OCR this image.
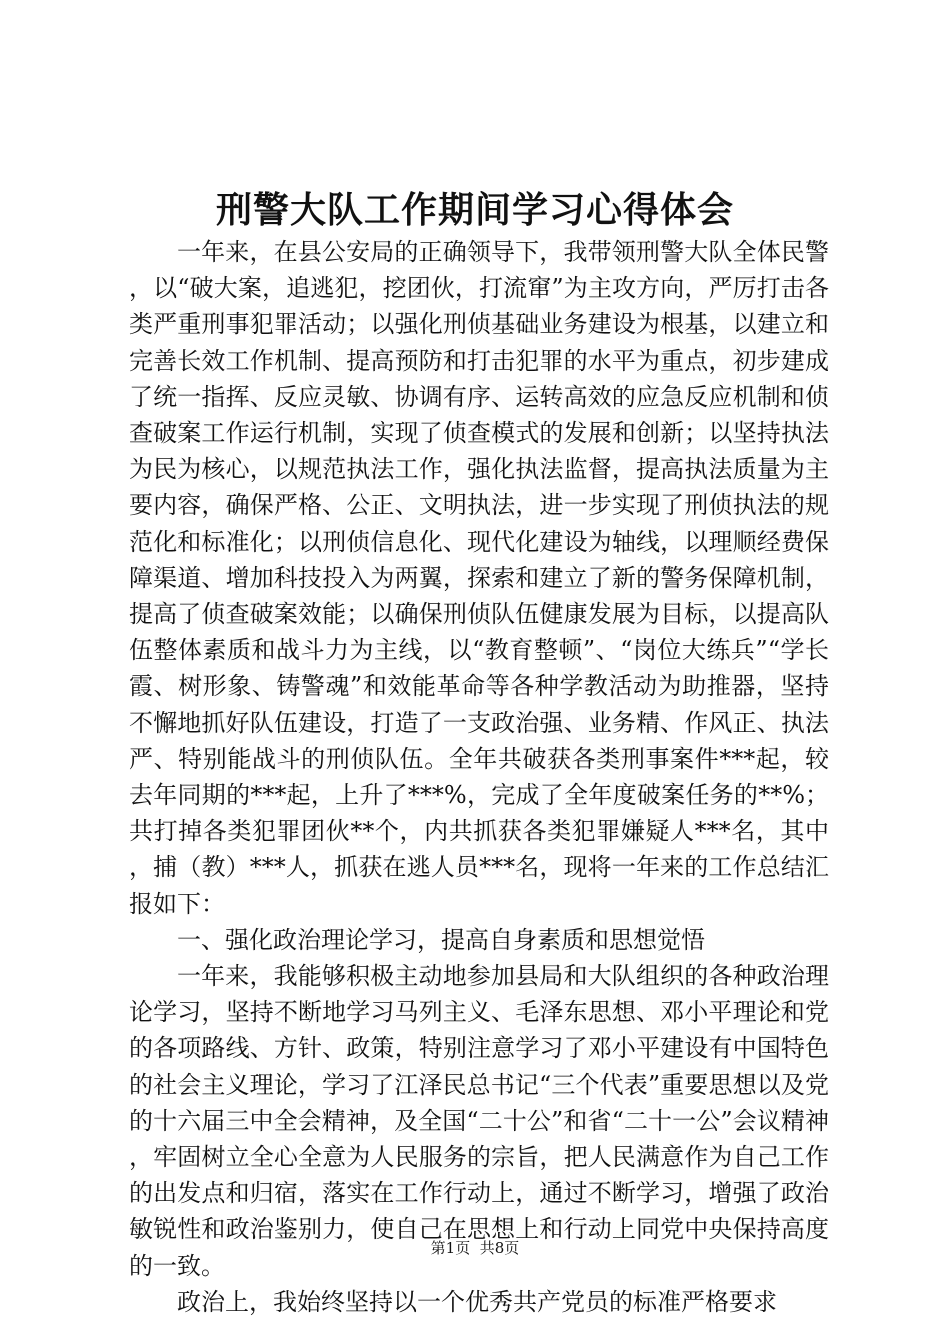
刑警大队工作期间学习心得体会

一年来，在县公安局的正确领导下，我带领刑警大队全体民警，以“破大案，追逃犯，挖团伙，打流窜”为主攻方向，严厉打击各类严重刑事犯罪活动；以强化刑侦基础业务建设为根基，以建立和完善长效工作机制、提高预防和打击犯罪的水平为重点，初步建成了统一指挥、反应灵敏、协调有序、运转高效的应急反应机制和侦查破案工作运行机制，实现了侦查模式的发展和创新；以坚持执法为民为核心，以规范执法工作，强化执法监督，提高执法质量为主要内容，确保严格、公正、文明执法，进一步实现了刑侦执法的规范化和标准化；以刑侦信息化、现代化建设为轴线，以理顺经费保障渠道、增加科技投入为两翼，探索和建立了新的警务保障机制，提高了侦查破案效能；以确保刑侦队伍健康发展为目标，以提高队伍整体素质和战斗力为主线，以“教育整顿”、“岗位大练兵”“学长霞、树形象、铸警魂”和效能革命等各种学教活动为助推器，坚持不懈地抓好队伍建设，打造了一支政治强、业务精、作风正、执法严、特别能战斗的刑侦队伍。全年共破获各类刑事案件***起，较去年同期的***起，上升了***%，完成了全年度破案任务的**%；共打掉各类犯罪团伙**个，内共抓获各类犯罪嫌疑人***名，其中，捕（教）***人，抓获在逃人员***名，现将一年来的工作总结汇报如下：

一、强化政治理论学习，提高自身素质和思想觉悟

一年来，我能够积极主动地参加县局和大队组织的各种政治理论学习，坚持不断地学习马列主义、毛泽东思想、邓小平理论和党的各项路线、方针、政策，特别注意学习了邓小平建设有中国特色的社会主义理论，学习了江泽民总书记“三个代表”重要思想以及党的十六届三中全会精神，及全国“二十公”和省“二十一公”会议精神，牢固树立全心全意为人民服务的宗旨，把人民满意作为自己工作的出发点和归宿，落实在工作行动上，通过不断学习，增强了政治敏锐性和政治鉴别力，使自己在思想上和行动上同党中央保持高度的一致。

政治上，我始终坚持以一个优秀共产党员的标准严格要求

第1页 共8页
